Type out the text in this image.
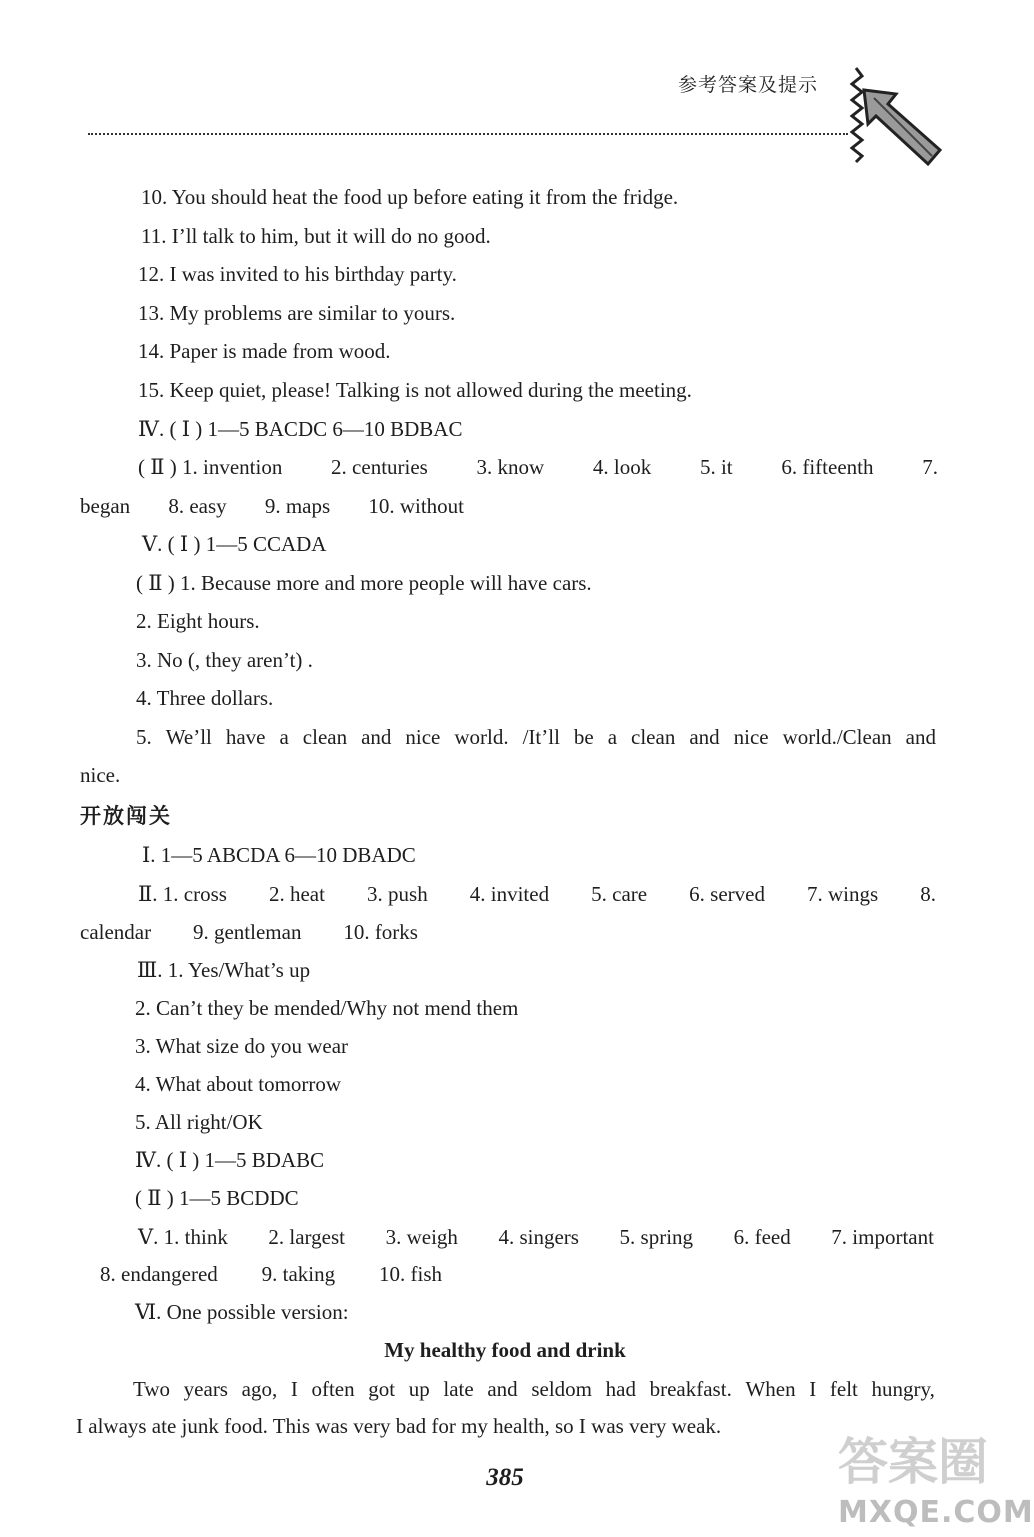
参考答案及提示
10. You should heat the food up before eating it from the fridge.
11. I’ll talk to him, but it will do no good.
12. I was invited to his birthday party.
13. My problems are similar to yours.
14. Paper is made from wood.
15. Keep quiet, please! Talking is not allowed during the meeting.
Ⅳ. ( Ⅰ ) 1—5 BACDC 6—10 BDBAC
( Ⅱ ) 1. invention 2. centuries 3. know 4. look 5. it 6. fifteenth 7.
began 8. easy 9. maps 10. without
Ⅴ. ( Ⅰ ) 1—5 CCADA
( Ⅱ ) 1. Because more and more people will have cars.
2. Eight hours.
3. No (, they aren’t) .
4. Three dollars.
5. We’ll have a clean and nice world. /It’ll be a clean and nice world./Clean and
nice.
开放闯关
Ⅰ. 1—5 ABCDA 6—10 DBADC
Ⅱ. 1. cross 2. heat 3. push 4. invited 5. care 6. served 7. wings 8.
calendar 9. gentleman 10. forks
Ⅲ. 1. Yes/What’s up
2. Can’t they be mended/Why not mend them
3. What size do you wear
4. What about tomorrow
5. All right/OK
Ⅳ. ( Ⅰ ) 1—5 BDABC
( Ⅱ ) 1—5 BCDDC
Ⅴ. 1. think 2. largest 3. weigh 4. singers 5. spring 6. feed 7. important
8. endangered 9. taking 10. fish
Ⅵ. One possible version:
My healthy food and drink
Two years ago, I often got up late and seldom had breakfast. When I felt hungry,
I always ate junk food. This was very bad for my health, so I was very weak.
385	答案圈
MXQE.COM
